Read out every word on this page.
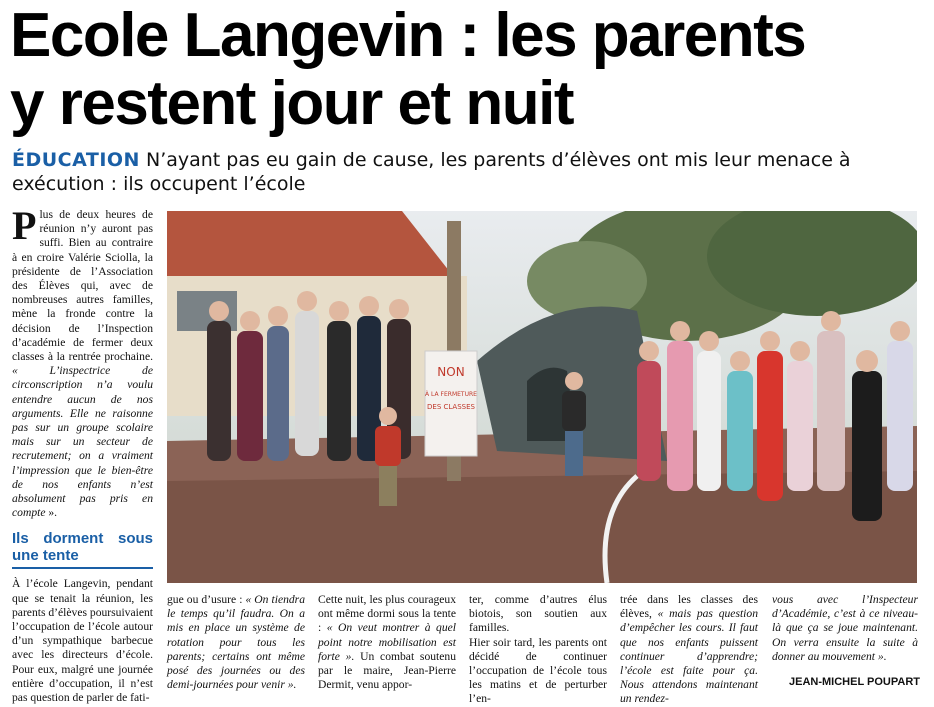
Ecole Langevin : les parents
y restent jour et nuit

ÉDUCATION N’ayant pas eu gain de cause, les parents d’élèves ont mis leur menace à exécution : ils occupent l’école

Plus de deux heures de réunion n’y auront pas suffi. Bien au contraire à en croire Valérie Sciolla, la présidente de l’Association des Élèves qui, avec de nombreuses autres familles, mène la fronde contre la décision de l’Inspection d’académie de fermer deux classes à la rentrée prochaine. « L’inspectrice de circonscription n’a voulu entendre aucun de nos arguments. Elle ne raisonne pas sur un groupe scolaire mais sur un secteur de recrutement; on a vraiment l’impression que le bien-être de nos enfants n’est absolument pas pris en compte ».

Ils dorment sous une tente

À l’école Langevin, pendant que se tenait la réunion, les parents d’élèves poursuivaient l’occupation de l’école autour d’un sympathique barbecue avec les directeurs d’école. Pour eux, malgré une journée entière d’occupation, il n’est pas question de parler de fati-

NON
À LA FERMETURE
DES CLASSES

gue ou d’usure : « On tiendra le temps qu’il faudra. On a mis en place un système de rotation pour tous les parents; certains ont même posé des journées ou des demi-journées pour venir ».

Cette nuit, les plus courageux ont même dormi sous la tente : « On veut montrer à quel point notre mobilisation est forte ». Un combat soutenu par le maire, Jean-Pierre Dermit, venu appor-

ter, comme d’autres élus biotois, son soutien aux familles.

Hier soir tard, les parents ont décidé de continuer l’occupation de l’école tous les matins et de perturber l’en-

trée dans les classes des élèves, « mais pas question d’empêcher les cours. Il faut que nos enfants puissent continuer d’apprendre; l’école est faite pour ça. Nous attendons maintenant un rendez-

vous avec l’Inspecteur d’Académie, c’est à ce niveau-là que ça se joue maintenant. On verra ensuite la suite à donner au mouvement ».

JEAN-MICHEL POUPART
